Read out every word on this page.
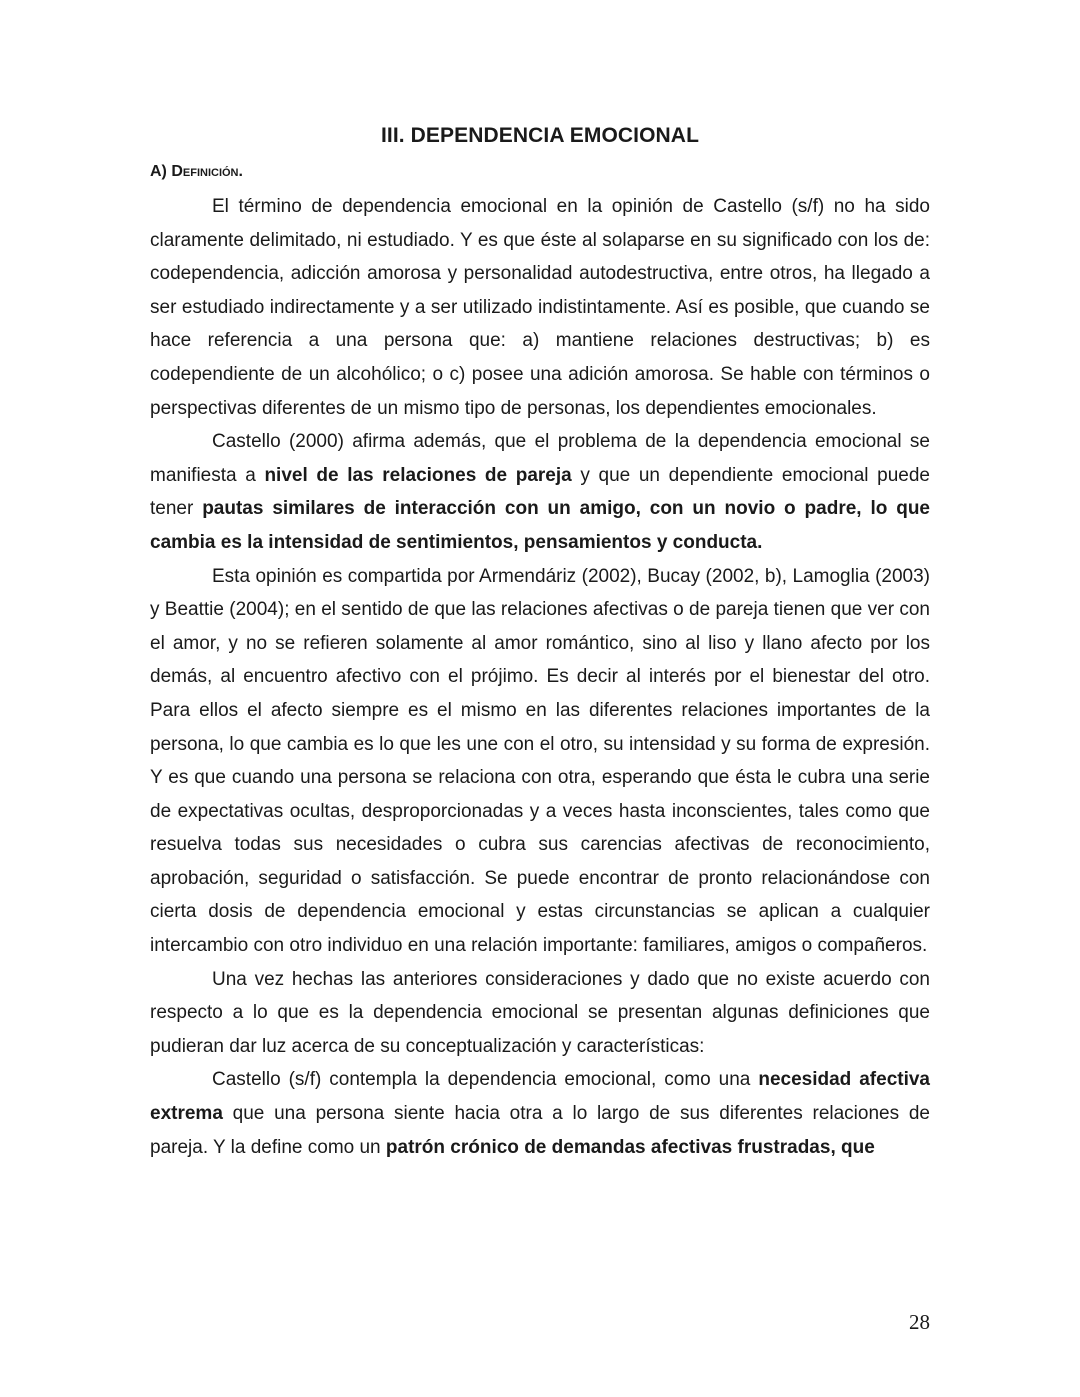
III. DEPENDENCIA EMOCIONAL
A) Definición.

El término de dependencia emocional en la opinión de Castello (s/f) no ha sido claramente delimitado, ni estudiado. Y es que éste al solaparse en su significado con los de: codependencia, adicción amorosa y personalidad autodestructiva, entre otros, ha llegado a ser estudiado indirectamente y a ser utilizado indistintamente. Así es posible, que cuando se hace referencia a una persona que: a) mantiene relaciones destructivas; b) es codependiente de un alcohólico; o c) posee una adición amorosa. Se hable con términos o perspectivas diferentes de un mismo tipo de personas, los dependientes emocionales.

Castello (2000) afirma además, que el problema de la dependencia emocional se manifiesta a nivel de las relaciones de pareja y que un dependiente emocional puede tener pautas similares de interacción con un amigo, con un novio o padre, lo que cambia es la intensidad de sentimientos, pensamientos y conducta.

Esta opinión es compartida por Armendáriz (2002), Bucay (2002, b), Lamoglia (2003) y Beattie (2004); en el sentido de que las relaciones afectivas o de pareja tienen que ver con el amor, y no se refieren solamente al amor romántico, sino al liso y llano afecto por los demás, al encuentro afectivo con el prójimo. Es decir al interés por el bienestar del otro. Para ellos el afecto siempre es el mismo en las diferentes relaciones importantes de la persona, lo que cambia es lo que les une con el otro, su intensidad y su forma de expresión. Y es que cuando una persona se relaciona con otra, esperando que ésta le cubra una serie de expectativas ocultas, desproporcionadas y a veces hasta inconscientes, tales como que resuelva todas sus necesidades o cubra sus carencias afectivas de reconocimiento, aprobación, seguridad o satisfacción. Se puede encontrar de pronto relacionándose con cierta dosis de dependencia emocional y estas circunstancias se aplican a cualquier intercambio con otro individuo en una relación importante: familiares, amigos o compañeros.

Una vez hechas las anteriores consideraciones y dado que no existe acuerdo con respecto a lo que es la dependencia emocional se presentan algunas definiciones que pudieran dar luz acerca de su conceptualización y características:

Castello (s/f) contempla la dependencia emocional, como una necesidad afectiva extrema que una persona siente hacia otra a lo largo de sus diferentes relaciones de pareja. Y la define como un patrón crónico de demandas afectivas frustradas, que

28
